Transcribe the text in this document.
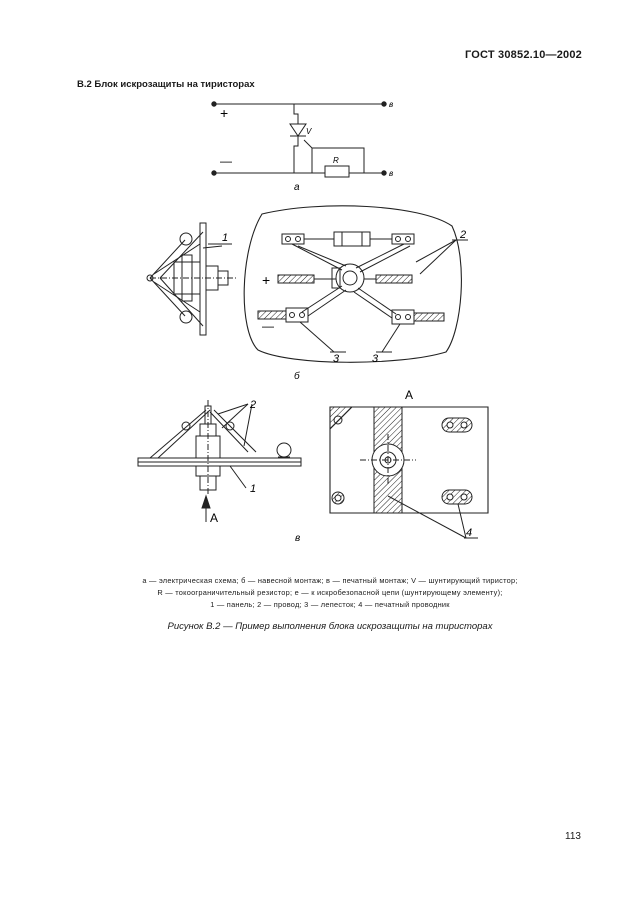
ГОСТ 30852.10—2002
В.2 Блок искрозащиты на тиристорах
+
—
V
R
в
в
а
1	2
3	3
+
—
б
2
1
А
А
4
в
а — электрическая схема; б — навесной монтаж; в — печатный монтаж; V — шунтирующий тиристор;
R — токоограничительный резистор; е — к искробезопасной цепи (шунтирующему элементу);
1 — панель; 2 — провод; 3 — лепесток; 4 — печатный проводник
Рисунок В.2 — Пример выполнения блока искрозащиты на тиристорах
113
